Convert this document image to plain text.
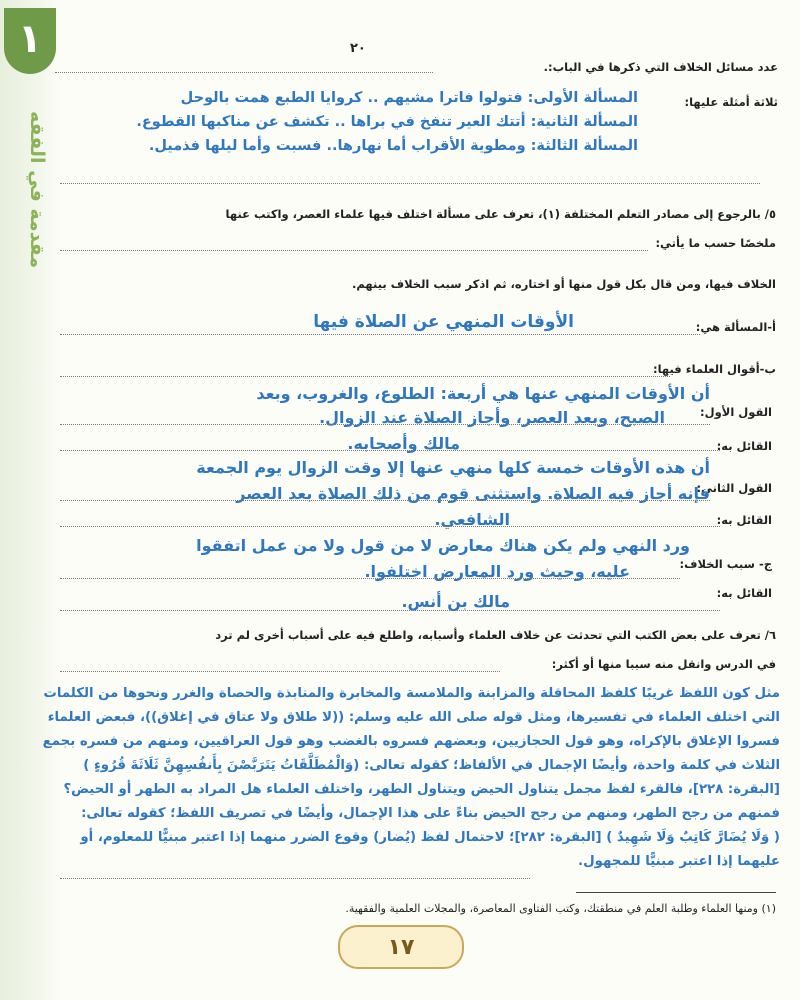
١
مقدمة في الفقه
٢٠
عدد مسائل الخلاف التي ذكرها في الباب:.
ثلاثة أمثلة عليها:
المسألة الأولى: فتولوا فاترا مشيهم .. كروايا الطبع همت بالوحل
المسألة الثانية: أتتك العير تنفخ في براها .. تكشف عن مناكبها القطوع.
المسألة الثالثة: ومطوية الأقراب أما نهارها.. فسبت وأما ليلها فذميل.
٥/ بالرجوع إلى مصادر التعلم المختلفة (١)، تعرف على مسألة اختلف فيها علماء العصر، واكتب عنها
ملخصًا حسب ما يأتي:
الخلاف فيها، ومن قال بكل قول منها أو اختاره، ثم اذكر سبب الخلاف بينهم.
أ-المسألة هي:
الأوقات المنهي عن الصلاة فيها
ب-أقوال العلماء فيها:
القول الأول:
أن الأوقات المنهي عنها هي أربعة: الطلوع، والغروب، وبعد
الصبح، وبعد العصر، وأجاز الصلاة عند الزوال.
القائل به:
مالك وأصحابه.
القول الثاني:
أن هذه الأوقات خمسة كلها منهي عنها إلا وقت الزوال يوم الجمعة
فإنه أجاز فيه الصلاة. واستثنى قوم من ذلك الصلاة بعد العصر
القائل به:
الشافعي.
ج- سبب الخلاف:
ورد النهي ولم يكن هناك معارض لا من قول ولا من عمل اتفقوا
عليه، وحيث ورد المعارض اختلفوا.
القائل به:
مالك بن أنس.
٦/ تعرف على بعض الكتب التي تحدثت عن خلاف العلماء وأسبابه، واطلع فيه على أسباب أخرى لم ترد
في الدرس وانقل منه سببا منها أو أكثر:
مثل كون اللفظ غريبًا كلفظ المحاقلة والمزابنة والملامسة والمخابرة والمنابذة والحصاة والغرر ونحوها من الكلمات
التي اختلف العلماء في تفسيرها، ومثل قوله صلى الله عليه وسلم: ((لا طلاق ولا عتاق في إغلاق))، فبعض العلماء
فسروا الإغلاق بالإكراه، وهو قول الحجازيين، وبعضهم فسروه بالغضب وهو قول العراقيين، ومنهم من فسره بجمع
الثلاث في كلمة واحدة، وأيضًا الإجمال في الألفاظ؛ كقوله تعالى: (وَالْمُطَلَّقَاتُ يَتَرَبَّصْنَ بِأَنفُسِهِنَّ ثَلَاثَةَ قُرُوءٍ )
[البقرة: ٢٢٨]، فالقرء لفظ مجمل يتناول الحيض ويتناول الطهر، واختلف العلماء هل المراد به الطهر أو الحيض؟
فمنهم من رجح الطهر، ومنهم من رجح الحيض بناءً على هذا الإجمال، وأيضًا في تصريف اللفظ؛ كقوله تعالى:
( وَلَا يُضَارَّ كَاتِبٌ وَلَا شَهِيدٌ ) [البقرة: ٢٨٢]؛ لاحتمال لفظ (يُضار) وقوع الضرر منهما إذا اعتبر مبنيًّا للمعلوم، أو
عليهما إذا اعتبر مبنيًّا للمجهول.
(١) ومنها العلماء وطلبة العلم في منطقتك، وكتب الفتاوى المعاصرة، والمجلات العلمية والفقهية.
١٧
